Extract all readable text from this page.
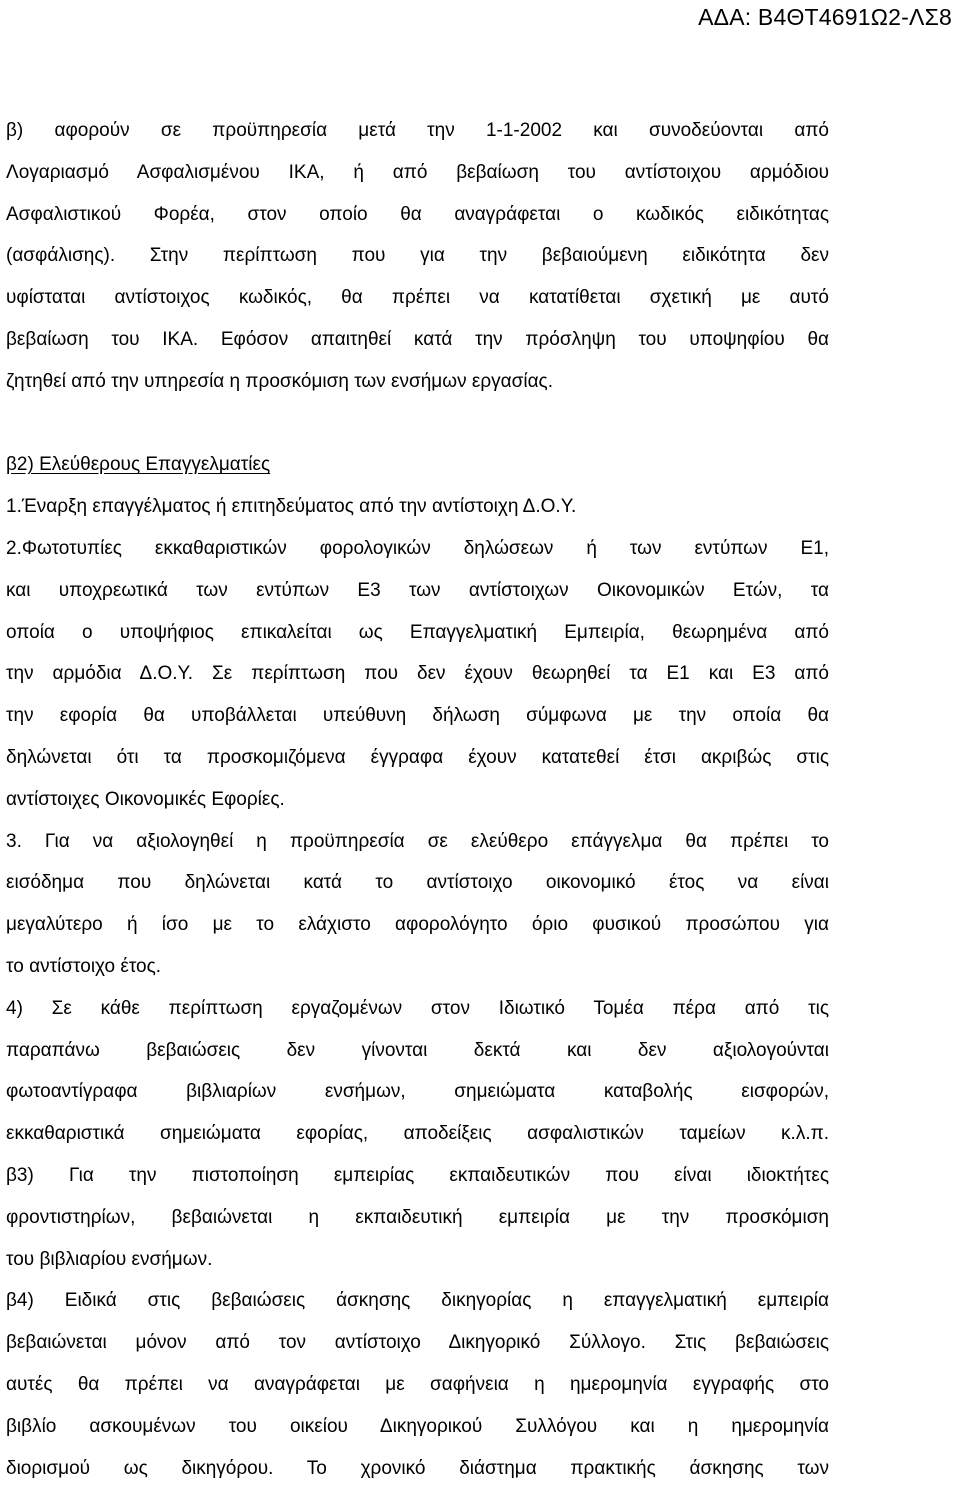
ΑΔΑ: Β4ΘΤ4691Ω2-ΛΣ8
β) αφορούν σε προϋπηρεσία μετά την 1-1-2002 και συνοδεύονται από
Λογαριασμό Ασφαλισμένου ΙΚΑ, ή από βεβαίωση του αντίστοιχου αρμόδιου
Ασφαλιστικού Φορέα, στον οποίο θα αναγράφεται ο κωδικός ειδικότητας
(ασφάλισης). Στην περίπτωση που για την βεβαιούμενη ειδικότητα δεν
υφίσταται αντίστοιχος κωδικός, θα πρέπει να κατατίθεται σχετική με αυτό
βεβαίωση του ΙΚΑ. Εφόσον απαιτηθεί κατά την πρόσληψη του υποψηφίου θα
ζητηθεί από την υπηρεσία η προσκόμιση των ενσήμων εργασίας.
β2) Ελεύθερους Επαγγελματίες
1.Έναρξη επαγγέλματος ή επιτηδεύματος από την αντίστοιχη Δ.Ο.Υ.
2.Φωτοτυπίες εκκαθαριστικών φορολογικών δηλώσεων ή των εντύπων Ε1,
και υποχρεωτικά των εντύπων Ε3 των αντίστοιχων Οικονομικών Ετών, τα
οποία ο υποψήφιος επικαλείται ως Επαγγελματική Εμπειρία, θεωρημένα από
την αρμόδια Δ.Ο.Υ. Σε περίπτωση που δεν έχουν θεωρηθεί τα Ε1 και Ε3 από
την εφορία θα υποβάλλεται υπεύθυνη δήλωση σύμφωνα με την οποία θα
δηλώνεται ότι τα προσκομιζόμενα έγγραφα έχουν κατατεθεί έτσι ακριβώς στις
αντίστοιχες Οικονομικές Εφορίες.
3. Για να αξιολογηθεί η προϋπηρεσία σε ελεύθερο επάγγελμα θα πρέπει το
εισόδημα που δηλώνεται κατά το αντίστοιχο οικονομικό έτος να είναι
μεγαλύτερο ή ίσο με το ελάχιστο αφορολόγητο όριο φυσικού προσώπου για
το αντίστοιχο έτος.
4) Σε κάθε περίπτωση εργαζομένων στον Ιδιωτικό Τομέα πέρα από τις
παραπάνω βεβαιώσεις δεν γίνονται δεκτά και δεν αξιολογούνται
φωτοαντίγραφα βιβλιαρίων ενσήμων, σημειώματα καταβολής εισφορών,
εκκαθαριστικά σημειώματα εφορίας, αποδείξεις ασφαλιστικών ταμείων κ.λ.π.
β3) Για την πιστοποίηση εμπειρίας εκπαιδευτικών που είναι ιδιοκτήτες
φροντιστηρίων, βεβαιώνεται η εκπαιδευτική εμπειρία με την προσκόμιση
του βιβλιαρίου ενσήμων.
β4) Ειδικά στις βεβαιώσεις άσκησης δικηγορίας η επαγγελματική εμπειρία
βεβαιώνεται μόνον από τον αντίστοιχο Δικηγορικό Σύλλογο. Στις βεβαιώσεις
αυτές θα πρέπει να αναγράφεται με σαφήνεια η ημερομηνία εγγραφής στο
βιβλίο ασκουμένων του οικείου Δικηγορικού Συλλόγου και η ημερομηνία
διορισμού ως δικηγόρου. Το χρονικό διάστημα πρακτικής άσκησης των
